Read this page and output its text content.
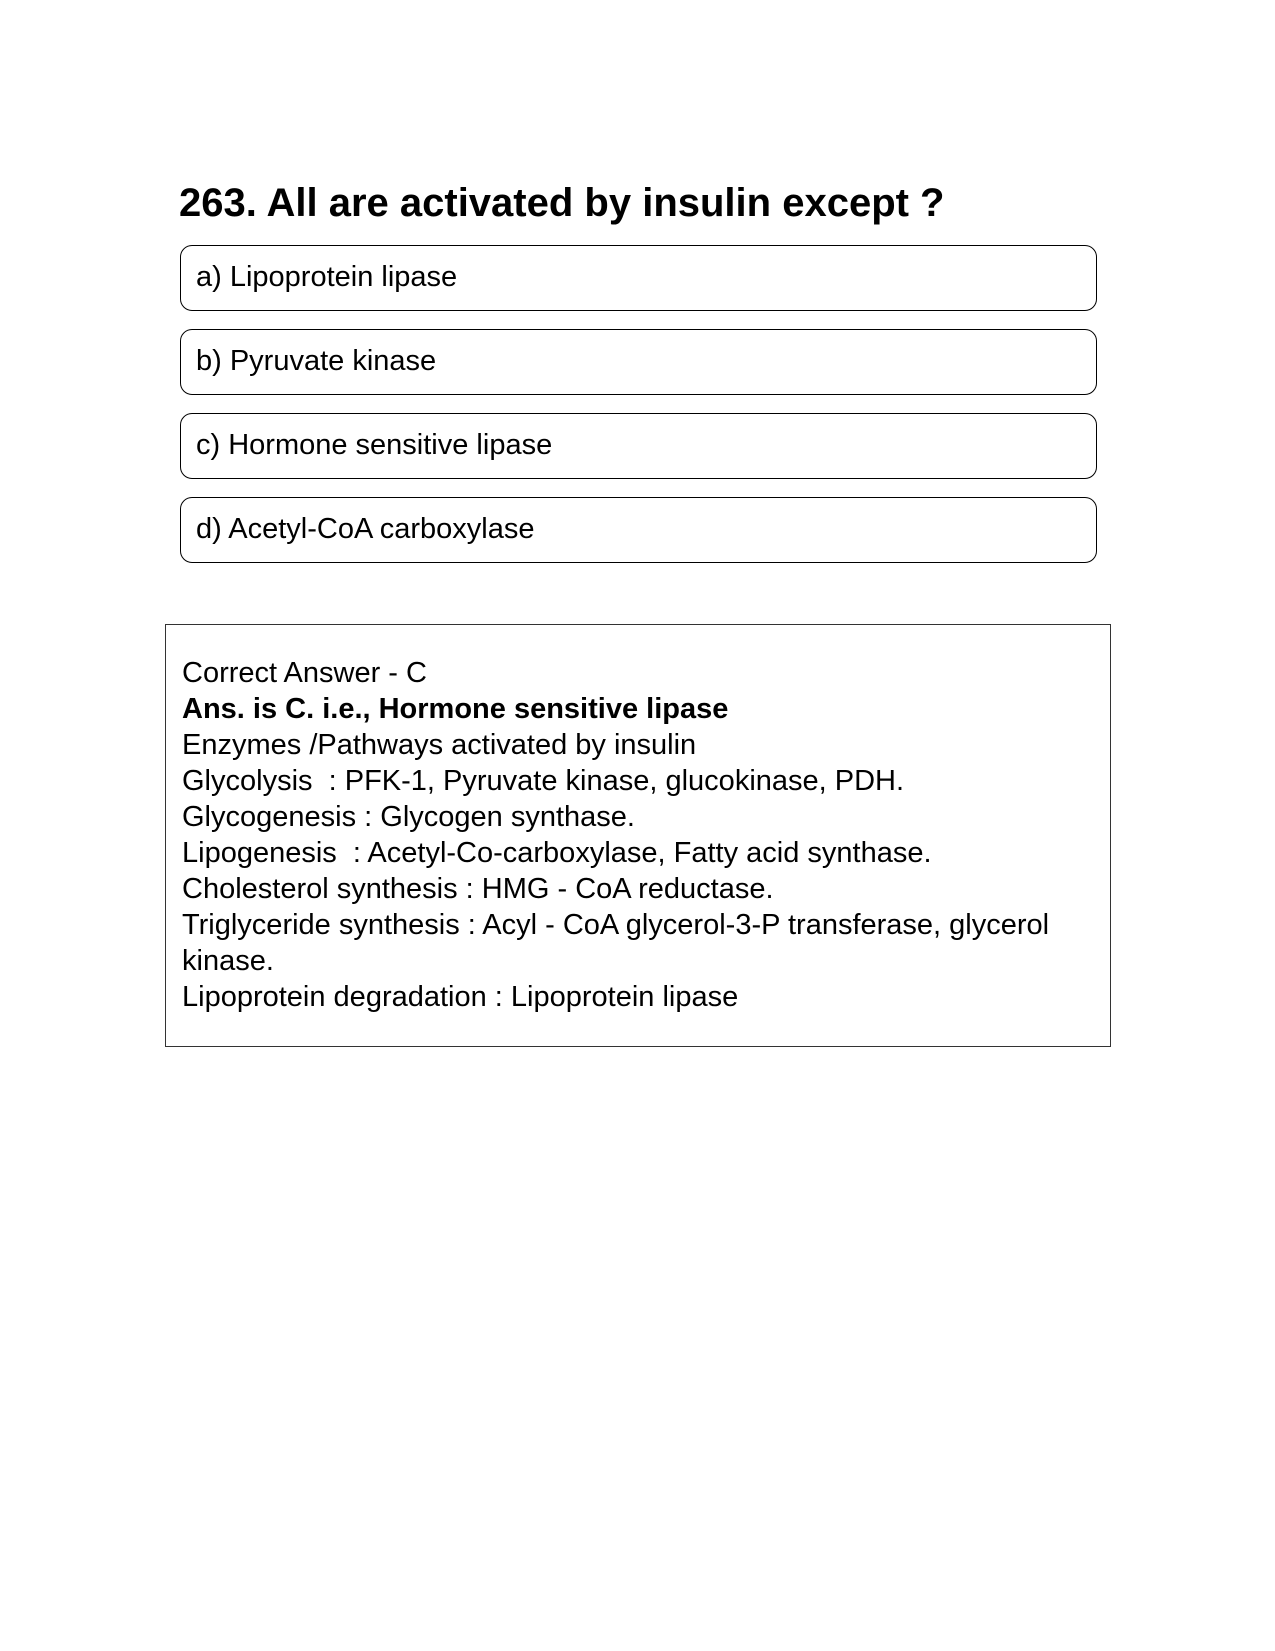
263. All are activated by insulin except ?
a) Lipoprotein lipase
b) Pyruvate kinase
c) Hormone sensitive lipase
d) Acetyl-CoA carboxylase
Correct Answer - C
Ans. is C. i.e., Hormone sensitive lipase
Enzymes /Pathways activated by insulin
Glycolysis  : PFK-1, Pyruvate kinase, glucokinase, PDH.
Glycogenesis : Glycogen synthase.
Lipogenesis  : Acetyl-Co-carboxylase, Fatty acid synthase.
Cholesterol synthesis : HMG - CoA reductase.
Triglyceride synthesis : Acyl - CoA glycerol-3-P transferase, glycerol kinase.
Lipoprotein degradation : Lipoprotein lipase
